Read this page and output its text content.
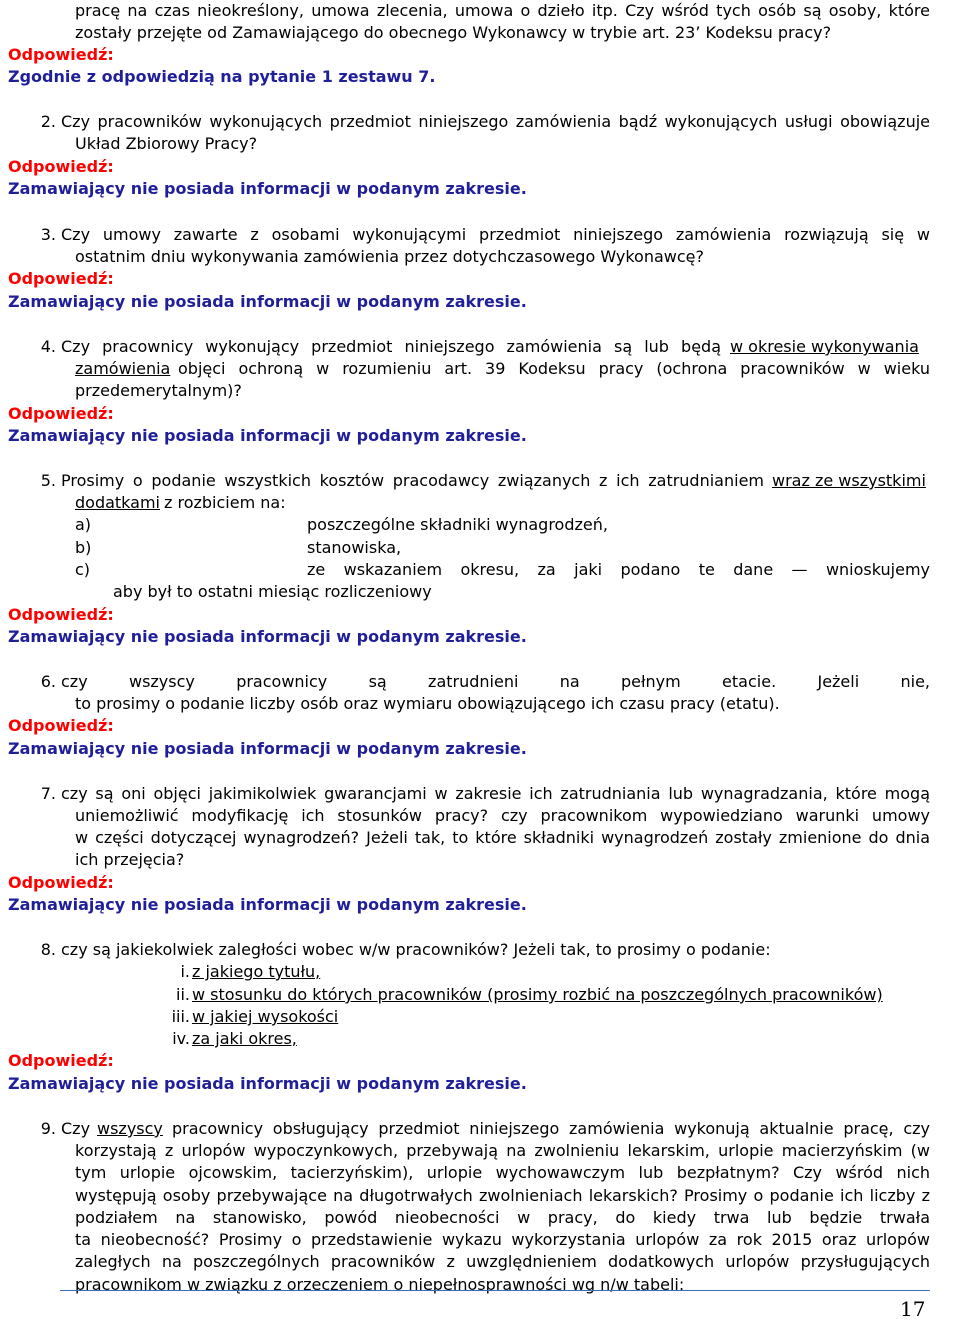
pracę na czas nieokreślony, umowa zlecenia, umowa o dzieło itp. Czy wśród tych osób są osoby, które
zostały przejęte od Zamawiającego do obecnego Wykonawcy w trybie art. 23’ Kodeksu pracy?
Odpowiedź:
Zgodnie z odpowiedzią na pytanie 1 zestawu 7.
2. Czy pracowników wykonujących przedmiot niniejszego zamówienia bądź wykonujących usługi obowiązuje
Układ Zbiorowy Pracy?
Odpowiedź:
Zamawiający nie posiada informacji w podanym zakresie.
3. Czy umowy zawarte z osobami wykonującymi przedmiot niniejszego zamówienia rozwiązują się w
ostatnim dniu wykonywania zamówienia przez dotychczasowego Wykonawcę?
Odpowiedź:
Zamawiający nie posiada informacji w podanym zakresie.
4. Czy pracownicy wykonujący przedmiot niniejszego zamówienia są lub będą w okresie wykonywania
zamówienia objęci ochroną w rozumieniu art. 39 Kodeksu pracy (ochrona pracowników w wieku
przedemerytalnym)?
Odpowiedź:
Zamawiający nie posiada informacji w podanym zakresie.
5. Prosimy o podanie wszystkich kosztów pracodawcy związanych z ich zatrudnianiem wraz ze wszystkimi
dodatkami z rozbiciem na:
a)	poszczególne składniki wynagrodzeń,
b)	stanowiska,
c)	ze wskazaniem okresu, za jaki podano te dane — wnioskujemy
aby był to ostatni miesiąc rozliczeniowy
Odpowiedź:
Zamawiający nie posiada informacji w podanym zakresie.
6. czy wszyscy pracownicy są zatrudnieni na pełnym etacie. Jeżeli nie,
to prosimy o podanie liczby osób oraz wymiaru obowiązującego ich czasu pracy (etatu).
Odpowiedź:
Zamawiający nie posiada informacji w podanym zakresie.
7. czy są oni objęci jakimikolwiek gwarancjami w zakresie ich zatrudniania lub wynagradzania, które mogą
uniemożliwić modyfikację ich stosunków pracy? czy pracownikom wypowiedziano warunki umowy
w części dotyczącej wynagrodzeń? Jeżeli tak, to które składniki wynagrodzeń zostały zmienione do dnia
ich przejęcia?
Odpowiedź:
Zamawiający nie posiada informacji w podanym zakresie.
8. czy są jakiekolwiek zaległości wobec w/w pracowników? Jeżeli tak, to prosimy o podanie:
i. z jakiego tytułu,
ii. w stosunku do których pracowników (prosimy rozbić na poszczególnych pracowników)
iii. w jakiej wysokości
iv. za jaki okres,
Odpowiedź:
Zamawiający nie posiada informacji w podanym zakresie.
9. Czy wszyscy pracownicy obsługujący przedmiot niniejszego zamówienia wykonują aktualnie pracę, czy
korzystają z urlopów wypoczynkowych, przebywają na zwolnieniu lekarskim, urlopie macierzyńskim (w
tym urlopie ojcowskim, tacierzyńskim), urlopie wychowawczym lub bezpłatnym? Czy wśród nich
występują osoby przebywające na długotrwałych zwolnieniach lekarskich? Prosimy o podanie ich liczby z
podziałem na stanowisko, powód nieobecności w pracy, do kiedy trwa lub będzie trwała
ta nieobecność? Prosimy o przedstawienie wykazu wykorzystania urlopów za rok 2015 oraz urlopów
zaległych na poszczególnych pracowników z uwzględnieniem dodatkowych urlopów przysługujących
pracownikom w związku z orzeczeniem o niepełnosprawności wg n/w tabeli:
17
